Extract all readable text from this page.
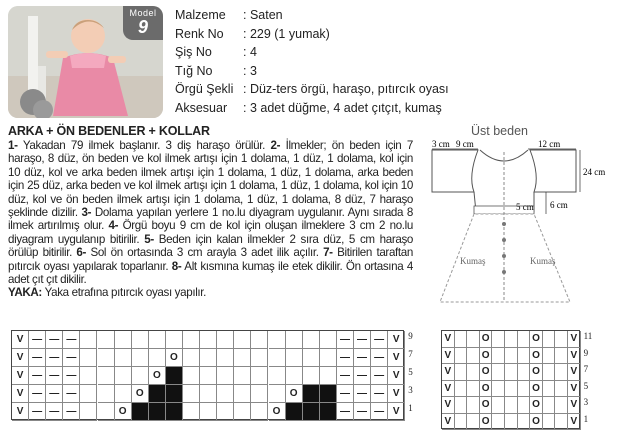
Model
9
Malzeme	: Saten
Renk No	: 229 (1 yumak)
Şiş No	: 4
Tığ No	: 3
Örgü Şekli : Düz-ters örgü, haraşo, pıtırcık oyası
Aksesuar	: 3 adet düğme, 4 adet çıtçıt, kumaş
ARKA + ÖN BEDENLER + KOLLAR

1- Yakadan 79 ilmek başlanır. 3 diş haraşo örülür. 2- İlmekler; ön beden için 7 haraşo, 8 düz, ön beden ve kol ilmek artışı için 1 dolama, 1 düz, 1 dolama, kol için 10 düz, kol ve arka beden ilmek artışı için 1 dolama, 1 düz, 1 dolama, arka beden için 25 düz, arka beden ve kol ilmek artışı için 1 dolama, 1 düz, 1 dolama, kol için 10 düz, kol ve ön beden ilmek artışı için 1 dolama, 1 düz, 1 dolama, 8 düz, 7 haraşo şeklinde dizilir. 3- Dolama yapılan yerlere 1 no.lu diyagram uygulanır. Aynı sırada 8 ilmek artırılmış olur. 4- Örgü boyu 9 cm de kol için oluşan ilmeklere 3 cm 2 no.lu diyagram uygulanıp bitirilir. 5- Beden için kalan ilmekler 2 sıra düz, 5 cm haraşo örülüp bitirilir. 6- Sol ön ortasında 3 cm arayla 3 adet ilik açılır. 7- Bitirilen taraftan pıtırcık oyası yapılarak toparlanır. 8- Alt kısmına kumaş ile etek dikilir. Ön ortasına 4 adet çıt çıt dikilir.

YAKA: Yaka etrafına pıtırcık oyası yapılır.

Üst beden
3 cm 9 cm	12 cm
24 cm
5 cm 6 cm
Kumaş	Kumaş
V — — —	— — — V
V — — —	O	— — — V
V — — —	O	— — — V
V — — —	O	O	— — — V
V — — —	O	O	— — — V
9
7
5
3
1
V	O	O	V
V	O	O	V
V	O	O	V
V	O	O	V
V	O	O	V
V	O	O	V
11
9
7
5
3
1
